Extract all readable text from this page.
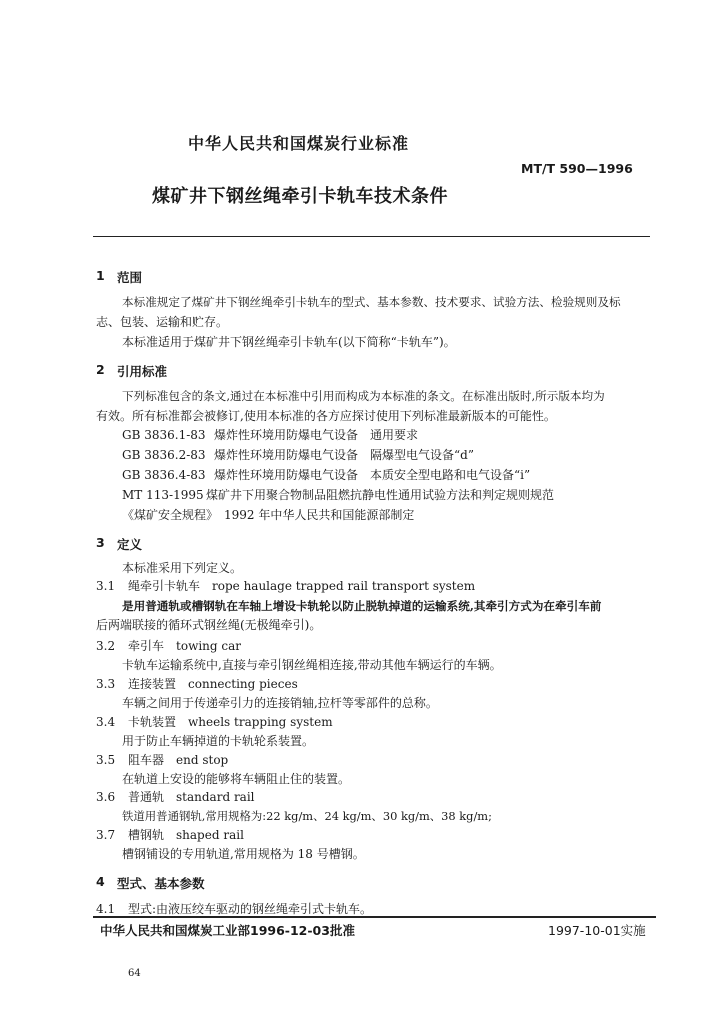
中华人民共和国煤炭行业标准
MT/T 590—1996
煤矿井下钢丝绳牵引卡轨车技术条件
1 范围
本标准规定了煤矿井下钢丝绳牵引卡轨车的型式、基本参数、技术要求、试验方法、检验规则及标
志、包装、运输和贮存。
本标准适用于煤矿井下钢丝绳牵引卡轨车(以下简称“卡轨车”)。
2 引用标准
下列标准包含的条文,通过在本标准中引用而构成为本标准的条文。在标准出版时,所示版本均为
有效。所有标准都会被修订,使用本标准的各方应探讨使用下列标准最新版本的可能性。
GB 3836.1-83 爆炸性环境用防爆电气设备　通用要求
GB 3836.2-83 爆炸性环境用防爆电气设备　隔爆型电气设备“d”
GB 3836.4-83 爆炸性环境用防爆电气设备　本质安全型电路和电气设备“i”
MT 113-1995 煤矿井下用聚合物制品阻燃抗静电性通用试验方法和判定规则规范
《煤矿安全规程》 1992 年中华人民共和国能源部制定
3 定义
本标准采用下列定义。
3.1 绳牵引卡轨车 rope haulage trapped rail transport system
是用普通轨或槽钢轨在车轴上增设卡轨轮以防止脱轨掉道的运输系统,其牵引方式为在牵引车前
后两端联接的循环式钢丝绳(无极绳牵引)。
3.2 牵引车 towing car
卡轨车运输系统中,直接与牵引钢丝绳相连接,带动其他车辆运行的车辆。
3.3 连接装置 connecting pieces
车辆之间用于传递牵引力的连接销轴,拉杆等零部件的总称。
3.4 卡轨装置 wheels trapping system
用于防止车辆掉道的卡轨轮系装置。
3.5 阻车器 end stop
在轨道上安设的能够将车辆阻止住的装置。
3.6 普通轨 standard rail
铁道用普通钢轨,常用规格为:22 kg/m、24 kg/m、30 kg/m、38 kg/m;
3.7 槽钢轨 shaped rail
槽钢铺设的专用轨道,常用规格为 18 号槽钢。
4 型式、基本参数
4.1 型式:由液压绞车驱动的钢丝绳牵引式卡轨车。
中华人民共和国煤炭工业部1996-12-03批准	1997-10-01实施
64
